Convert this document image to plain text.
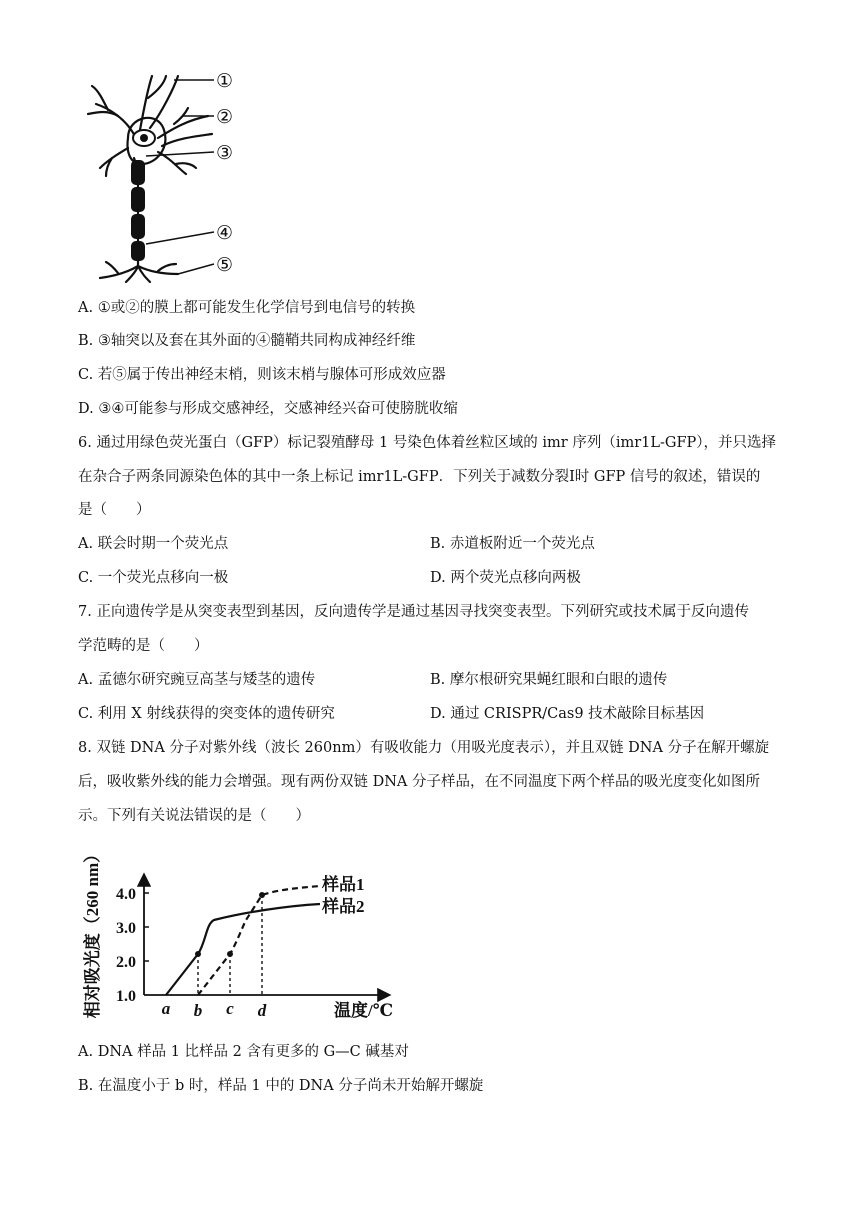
①
②
③
④
⑤
A. ①或②的膜上都可能发生化学信号到电信号的转换
B. ③轴突以及套在其外面的④髓鞘共同构成神经纤维
C. 若⑤属于传出神经末梢，则该末梢与腺体可形成效应器
D. ③④可能参与形成交感神经，交感神经兴奋可使膀胱收缩
6. 通过用绿色荧光蛋白（GFP）标记裂殖酵母 1 号染色体着丝粒区域的 imr 序列（imr1L-GFP），并只选择
在杂合子两条同源染色体的其中一条上标记 imr1L-GFP．下列关于减数分裂Ⅰ时 GFP 信号的叙述，错误的
是（　　）
A. 联会时期一个荧光点	B. 赤道板附近一个荧光点
C. 一个荧光点移向一极	D. 两个荧光点移向两极
7. 正向遗传学是从突变表型到基因，反向遗传学是通过基因寻找突变表型。下列研究或技术属于反向遗传
学范畴的是（　　）
A. 孟德尔研究豌豆高茎与矮茎的遗传	B. 摩尔根研究果蝇红眼和白眼的遗传
C. 利用 X 射线获得的突变体的遗传研究	D. 通过 CRISPR/Cas9 技术敲除目标基因
8. 双链 DNA 分子对紫外线（波长 260nm）有吸收能力（用吸光度表示），并且双链 DNA 分子在解开螺旋
后，吸收紫外线的能力会增强。现有两份双链 DNA 分子样品，在不同温度下两个样品的吸光度变化如图所
示。下列有关说法错误的是（　　）
相对吸光度（260 nm） 1.0
2.0
3.0
4.0
a b c d	温度/℃
样品1
样品2
A. DNA 样品 1 比样品 2 含有更多的 G—C 碱基对
B. 在温度小于 b 时，样品 1 中的 DNA 分子尚未开始解开螺旋
